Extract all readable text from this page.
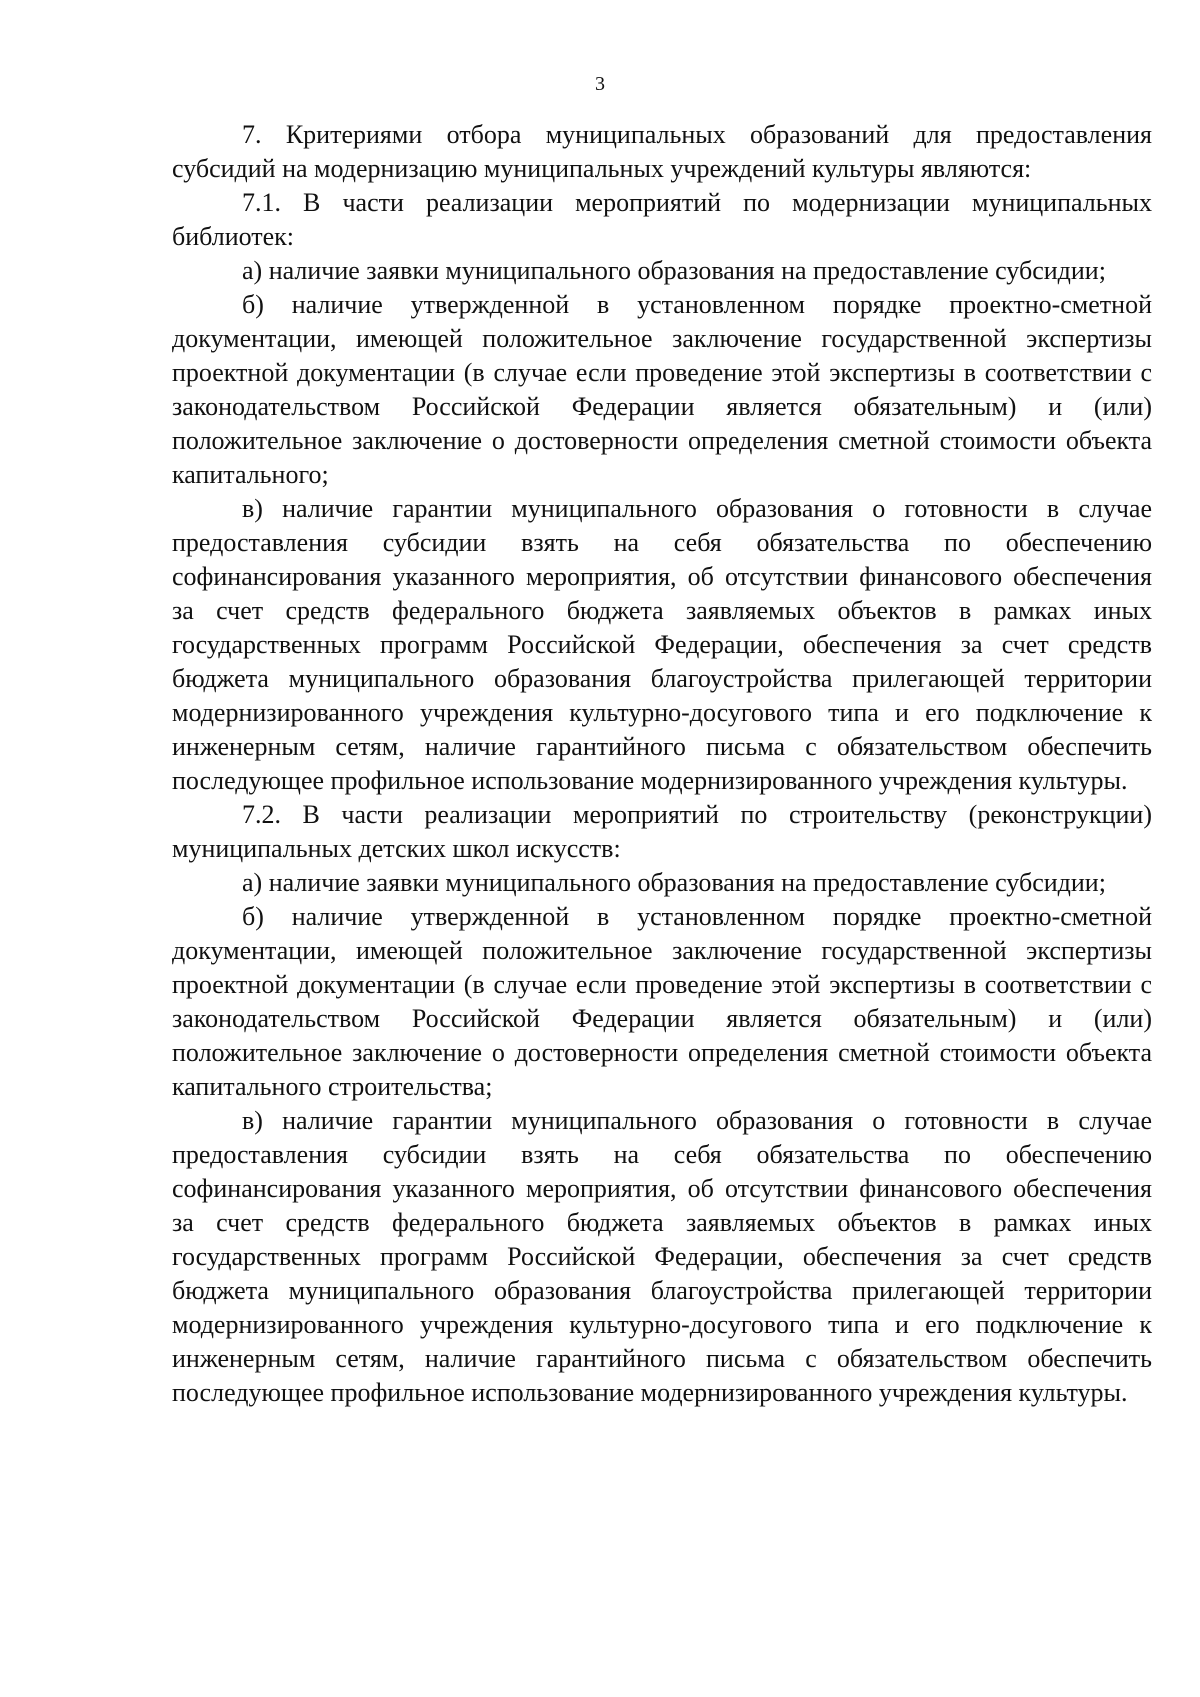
3

7. Критериями отбора муниципальных образований для предоставления субсидий на модернизацию муниципальных учреждений культуры являются:

7.1. В части реализации мероприятий по модернизации муниципальных библиотек:

а) наличие заявки муниципального образования на предоставление субсидии;

б) наличие утвержденной в установленном порядке проектно-сметной документации, имеющей положительное заключение государственной экспертизы проектной документации (в случае если проведение этой экспертизы в соответствии с законодательством Российской Федерации является обязательным) и (или) положительное заключение о достоверности определения сметной стоимости объекта капитального;

в) наличие гарантии муниципального образования о готовности в случае предоставления субсидии взять на себя обязательства по обеспечению софинансирования указанного мероприятия, об отсутствии финансового обеспечения за счет средств федерального бюджета заявляемых объектов в рамках иных государственных программ Российской Федерации, обеспечения за счет средств бюджета муниципального образования благоустройства прилегающей территории модернизированного учреждения культурно-досугового типа и его подключение к инженерным сетям, наличие гарантийного письма с обязательством обеспечить последующее профильное использование модернизированного учреждения культуры.

7.2. В части реализации мероприятий по строительству (реконструкции) муниципальных детских школ искусств:

а) наличие заявки муниципального образования на предоставление субсидии;

б) наличие утвержденной в установленном порядке проектно-сметной документации, имеющей положительное заключение государственной экспертизы проектной документации (в случае если проведение этой экспертизы в соответствии с законодательством Российской Федерации является обязательным) и (или) положительное заключение о достоверности определения сметной стоимости объекта капитального строительства;

в) наличие гарантии муниципального образования о готовности в случае предоставления субсидии взять на себя обязательства по обеспечению софинансирования указанного мероприятия, об отсутствии финансового обеспечения за счет средств федерального бюджета заявляемых объектов в рамках иных государственных программ Российской Федерации, обеспечения за счет средств бюджета муниципального образования благоустройства прилегающей территории модернизированного учреждения культурно-досугового типа и его подключение к инженерным сетям, наличие гарантийного письма с обязательством обеспечить последующее профильное использование модернизированного учреждения культуры.
